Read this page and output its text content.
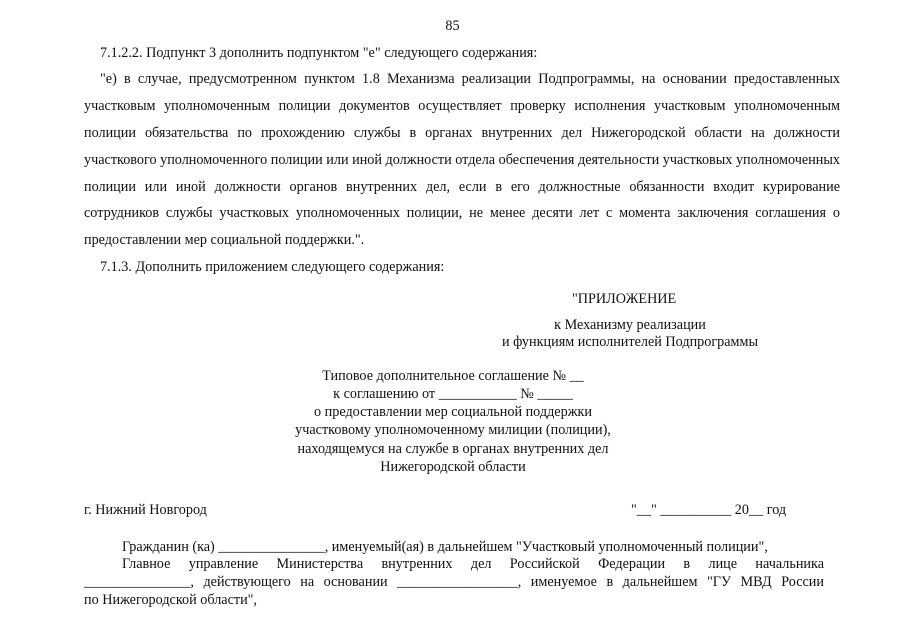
85
7.1.2.2. Подпункт 3 дополнить подпунктом "е" следующего содержания:
"е) в случае, предусмотренном пунктом 1.8 Механизма реализации Подпрограммы, на основании предоставленных
участковым уполномоченным полиции документов осуществляет проверку исполнения участковым уполномоченным
полиции обязательства по прохождению службы в органах внутренних дел Нижегородской области на должности
участкового уполномоченного полиции или иной должности отдела обеспечения деятельности участковых уполномоченных
полиции или иной должности органов внутренних дел, если в его должностные обязанности входит курирование
сотрудников службы участковых уполномоченных полиции, не менее десяти лет с момента заключения соглашения о
предоставлении мер социальной поддержки.".
7.1.3. Дополнить приложением следующего содержания:
"ПРИЛОЖЕНИЕ
к Механизму реализации
и функциям исполнителей Подпрограммы
Типовое дополнительное соглашение № __
к соглашению от ___________ № _____
о предоставлении мер социальной поддержки
участковому уполномоченному милиции (полиции),
находящемуся на службе в органах внутренних дел
Нижегородской области
г. Нижний Новгород	"__" __________ 20__ год
Гражданин (ка) _______________, именуемый(ая) в дальнейшем "Участковый уполномоченный полиции",
Главное управление Министерства внутренних дел Российской Федерации в лице начальника
_______________, действующего на основании _________________, именуемое в дальнейшем "ГУ МВД России
по Нижегородской области",
